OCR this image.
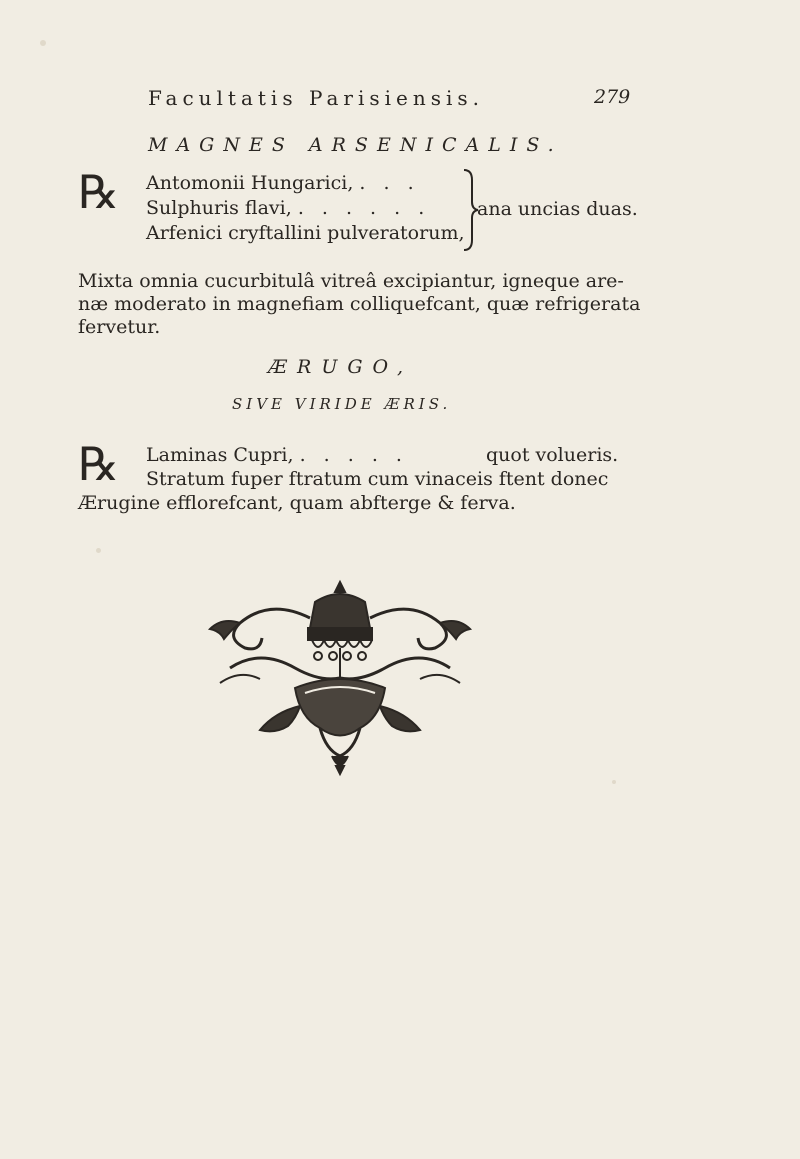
Facultatis Parisiensis.	279
MAGNES ARSENICALIS.
℞ Antomonii Hungarici, . . .
Sulphuris flavi, . . . . . .
Arfenici cryftallini pulveratorum,
ana uncias duas.
Mixta omnia cucurbitulâ vitreâ excipiantur, igneque are-
næ moderato in magnefiam colliquefcant, quæ refrigerata
fervetur.
ÆRUGO,
SIVE VIRIDE ÆRIS.
℞ Laminas Cupri, . . . . .	quot volueris.
Stratum fuper ftratum cum vinaceis ftent donec
Ærugine efflorefcant, quam abfterge & ferva.
